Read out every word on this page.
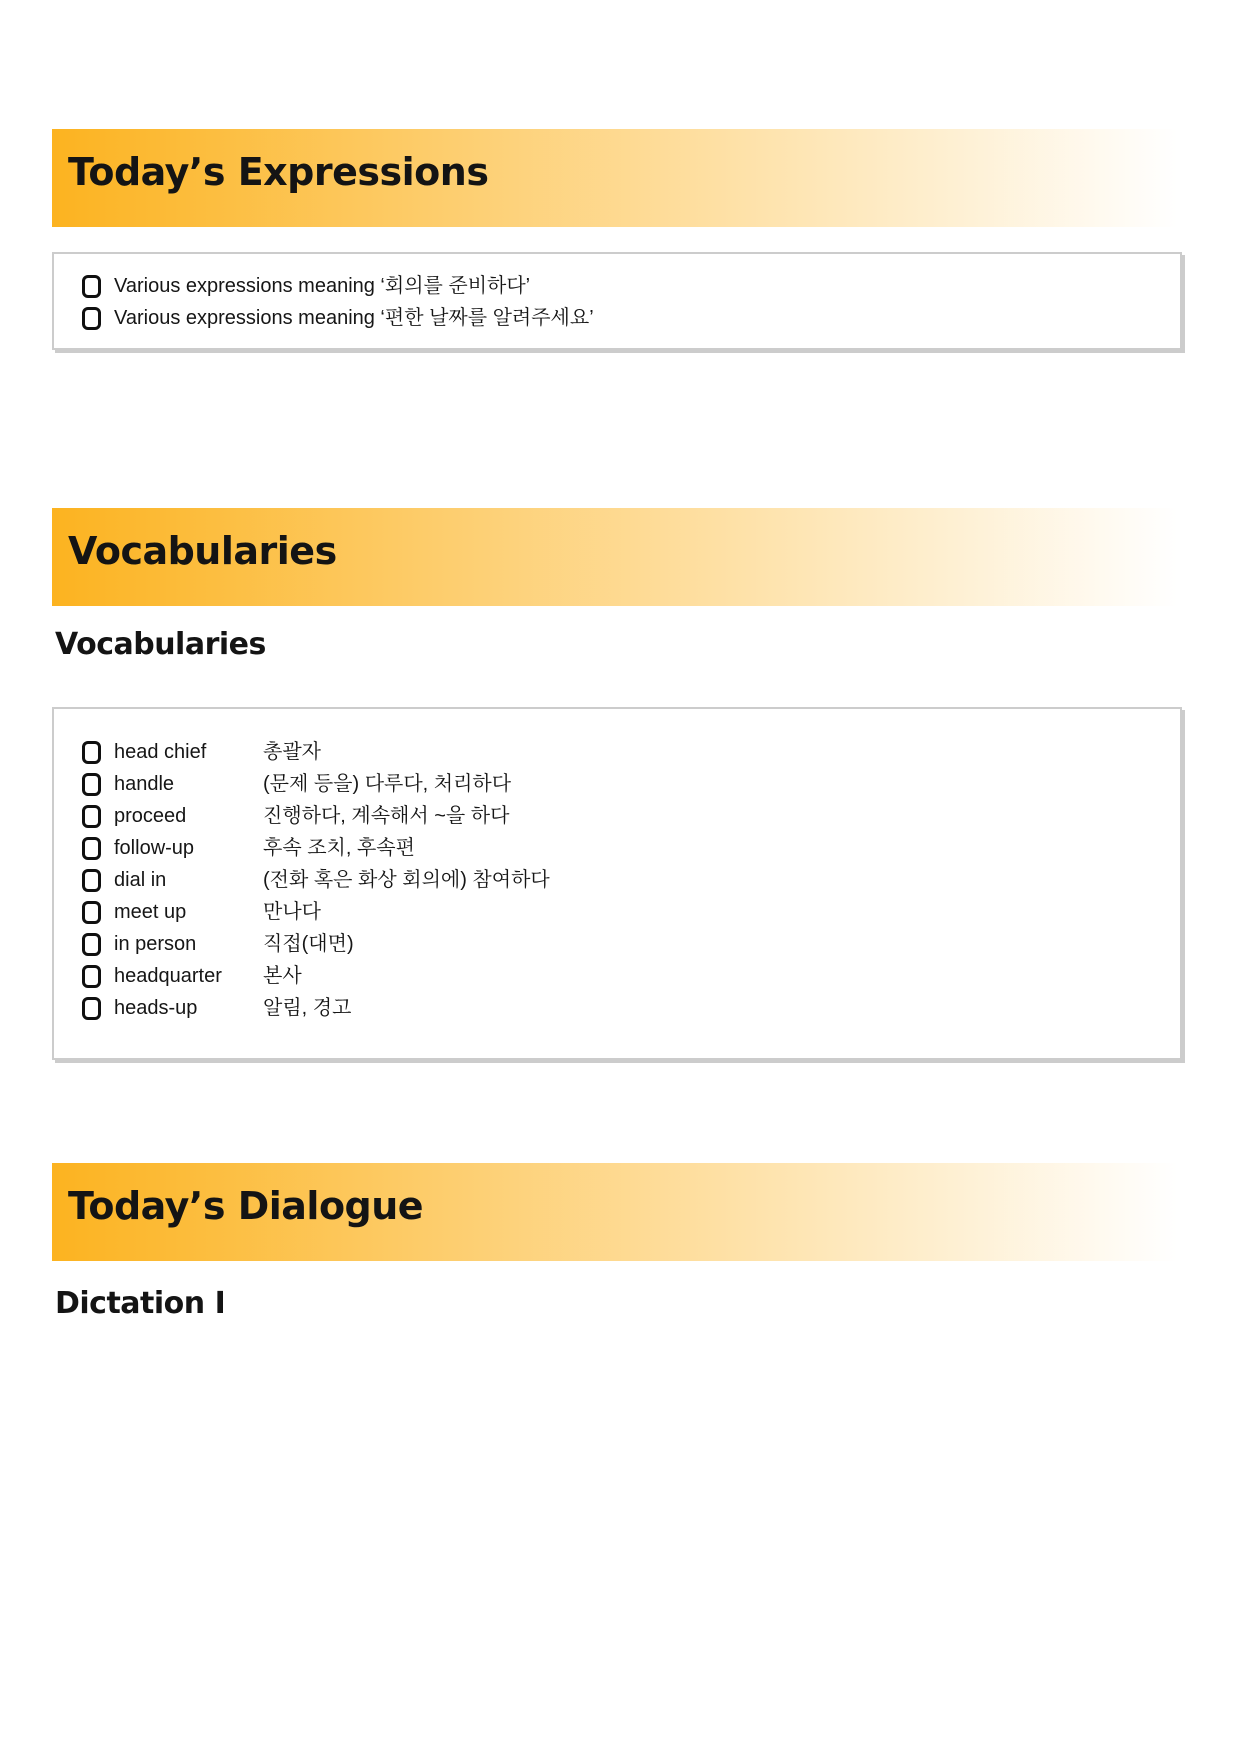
Today’s Expressions
Various expressions meaning ‘회의를 준비하다’
Various expressions meaning ‘편한 날짜를 알려주세요’
Vocabularies
Vocabularies
head chief	총괄자
handle	(문제 등을) 다루다, 처리하다
proceed	진행하다, 계속해서 ~을 하다
follow-up	후속 조치, 후속편
dial in	(전화 혹은 화상 회의에) 참여하다
meet up	만나다
in person	직접(대면)
headquarter	본사
heads-up	알림, 경고
Today’s Dialogue
Dictation I
